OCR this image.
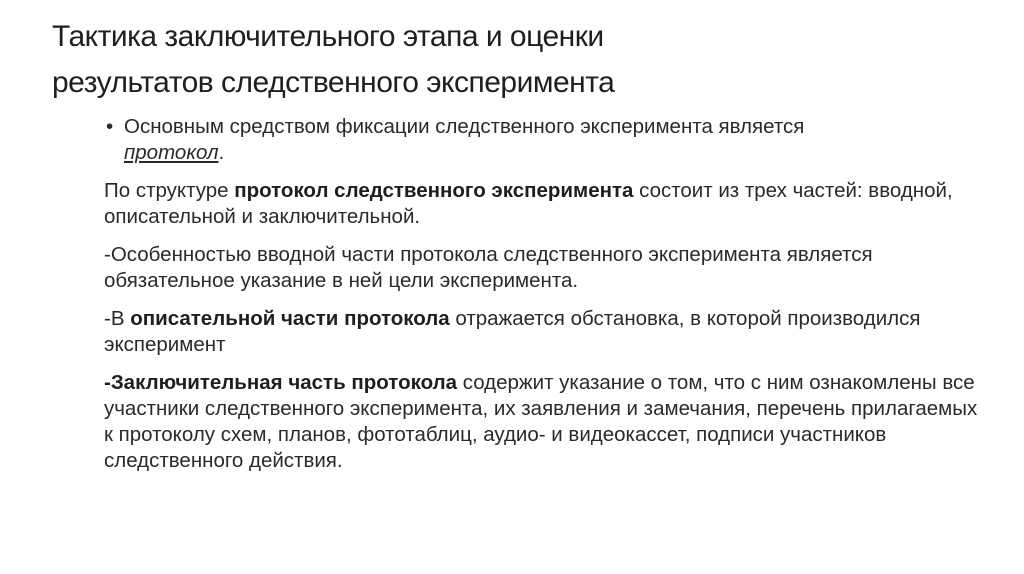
Тактика заключительного этапа и оценки
результатов следственного эксперимента
• Основным средством фиксации следственного эксперимента является
протокол.

По структуре протокол следственного эксперимента состоит из трех частей: вводной, описательной и заключительной.

-Особенностью вводной части протокола следственного эксперимента является обязательное указание в ней цели эксперимента.

-В описательной части протокола отражается обстановка, в которой производился эксперимент

-Заключительная часть протокола содержит указание о том, что с ним ознакомлены все участники следственного эксперимента, их заявления и замечания, перечень прилагаемых к протоколу схем, планов, фототаблиц, аудио- и видеокассет, подписи участников следственного действия.
